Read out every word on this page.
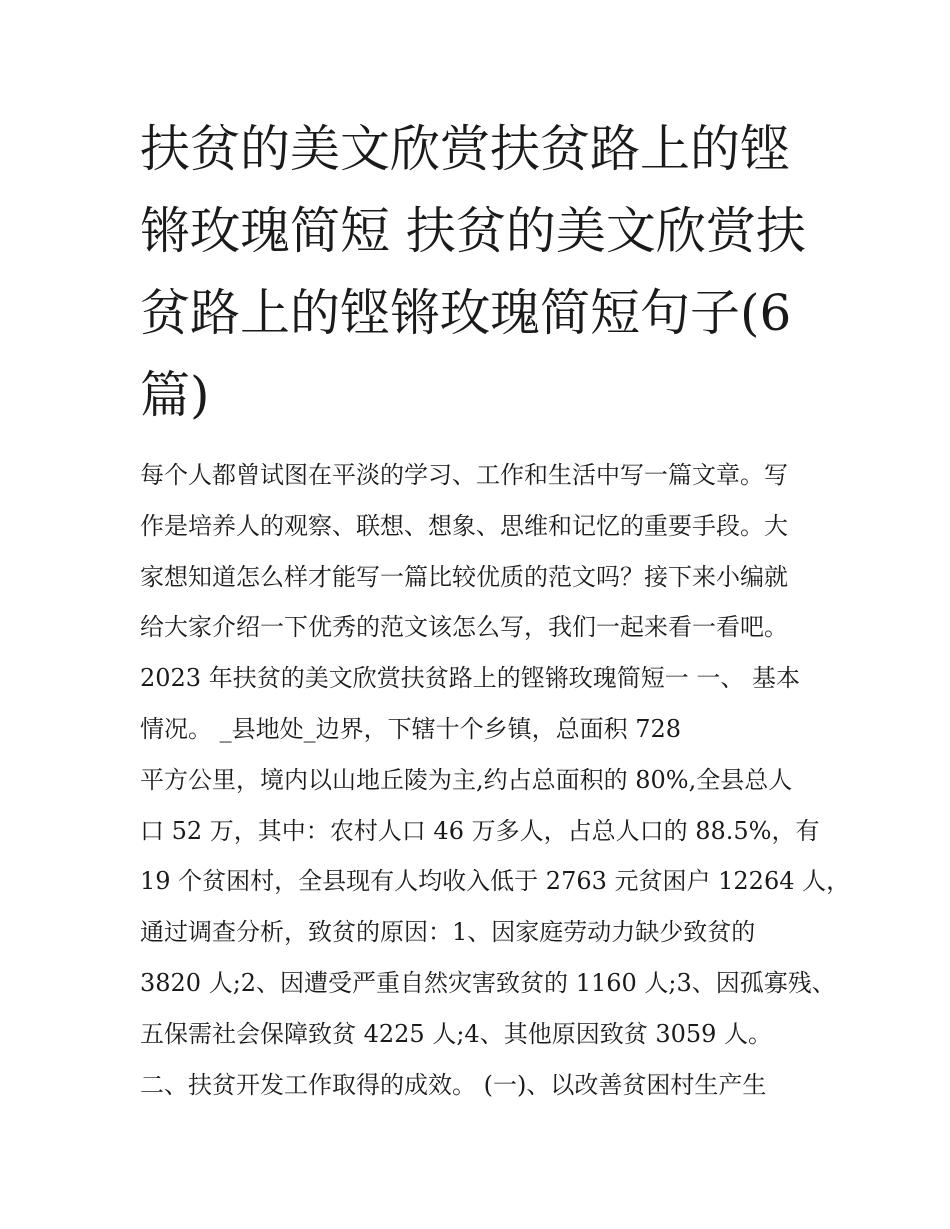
扶贫的美文欣赏扶贫路上的铿
锵玫瑰简短 扶贫的美文欣赏扶
贫路上的铿锵玫瑰简短句子(6
篇)
每个人都曾试图在平淡的学习、工作和生活中写一篇文章。写
作是培养人的观察、联想、想象、思维和记忆的重要手段。大
家想知道怎么样才能写一篇比较优质的范文吗？接下来小编就
给大家介绍一下优秀的范文该怎么写，我们一起来看一看吧。
2023 年扶贫的美文欣赏扶贫路上的铿锵玫瑰简短一 一、 基本
情况。 _县地处_边界，下辖十个乡镇，总面积 728
平方公里，境内以山地丘陵为主,约占总面积的 80%,全县总人
口 52 万，其中：农村人口 46 万多人，占总人口的 88.5%，有
19 个贫困村，全县现有人均收入低于 2763 元贫困户 12264 人，
通过调查分析，致贫的原因：1、因家庭劳动力缺少致贫的
3820 人;2、因遭受严重自然灾害致贫的 1160 人;3、因孤寡残、
五保需社会保障致贫 4225 人;4、其他原因致贫 3059 人。
二、扶贫开发工作取得的成效。 (一)、以改善贫困村生产生
